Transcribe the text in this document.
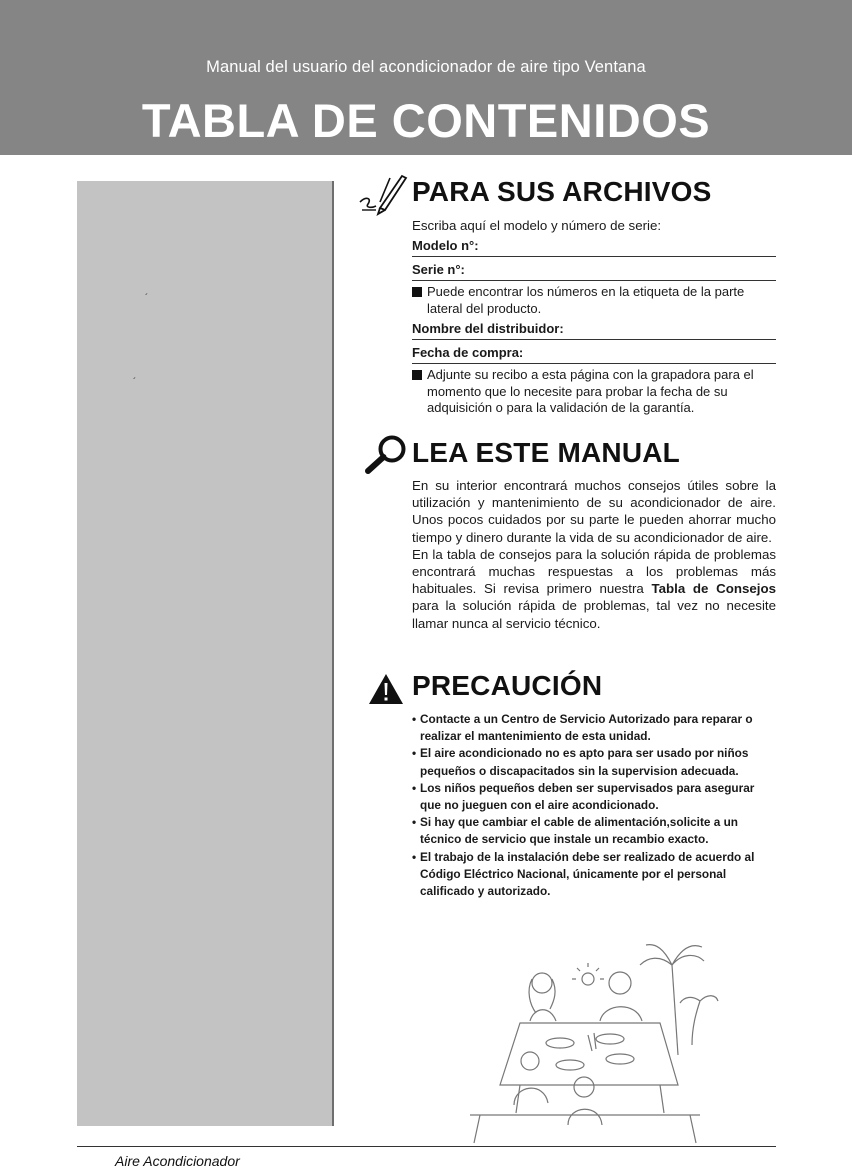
Manual del usuario del acondicionador de aire tipo Ventana
TABLA DE CONTENIDOS
´
´
PARA SUS ARCHIVOS

Escriba aquí el modelo y número de serie:

Modelo n°:
Serie n°:
Puede encontrar los números en la etiqueta de la parte lateral del producto.
Nombre del distribuidor:
Fecha de compra:
Adjunte su recibo a esta página con la grapadora para el momento que lo necesite para probar la fecha de su adquisición o para la validación de la garantía.
LEA ESTE MANUAL

En su interior encontrará muchos consejos útiles sobre la utilización y mantenimiento de su acondicionador de aire. Unos pocos cuidados por su parte le pueden ahorrar mucho tiempo y dinero durante la vida de su acondicionador de aire.

En la tabla de consejos para la solución rápida de problemas encontrará muchas respuestas a los problemas más habituales. Si revisa primero nuestra Tabla de Consejos para la solución rápida de problemas, tal vez no necesite llamar nunca al servicio técnico.

PRECAUCIÓN
• Contacte a un Centro de Servicio Autorizado para reparar o realizar el mantenimiento de esta unidad.
• El aire acondicionado no es apto para ser usado por niños pequeños o discapacitados sin la supervision adecuada.
• Los niños pequeños deben ser supervisados para asegurar que no jueguen con el aire acondicionado.
• Si hay que cambiar el cable de alimentación,solicite a un técnico de servicio que instale un recambio exacto.
• El trabajo de la instalación debe ser realizado de acuerdo al Código Eléctrico Nacional, únicamente por el personal calificado y autorizado.
Aire Acondicionador
